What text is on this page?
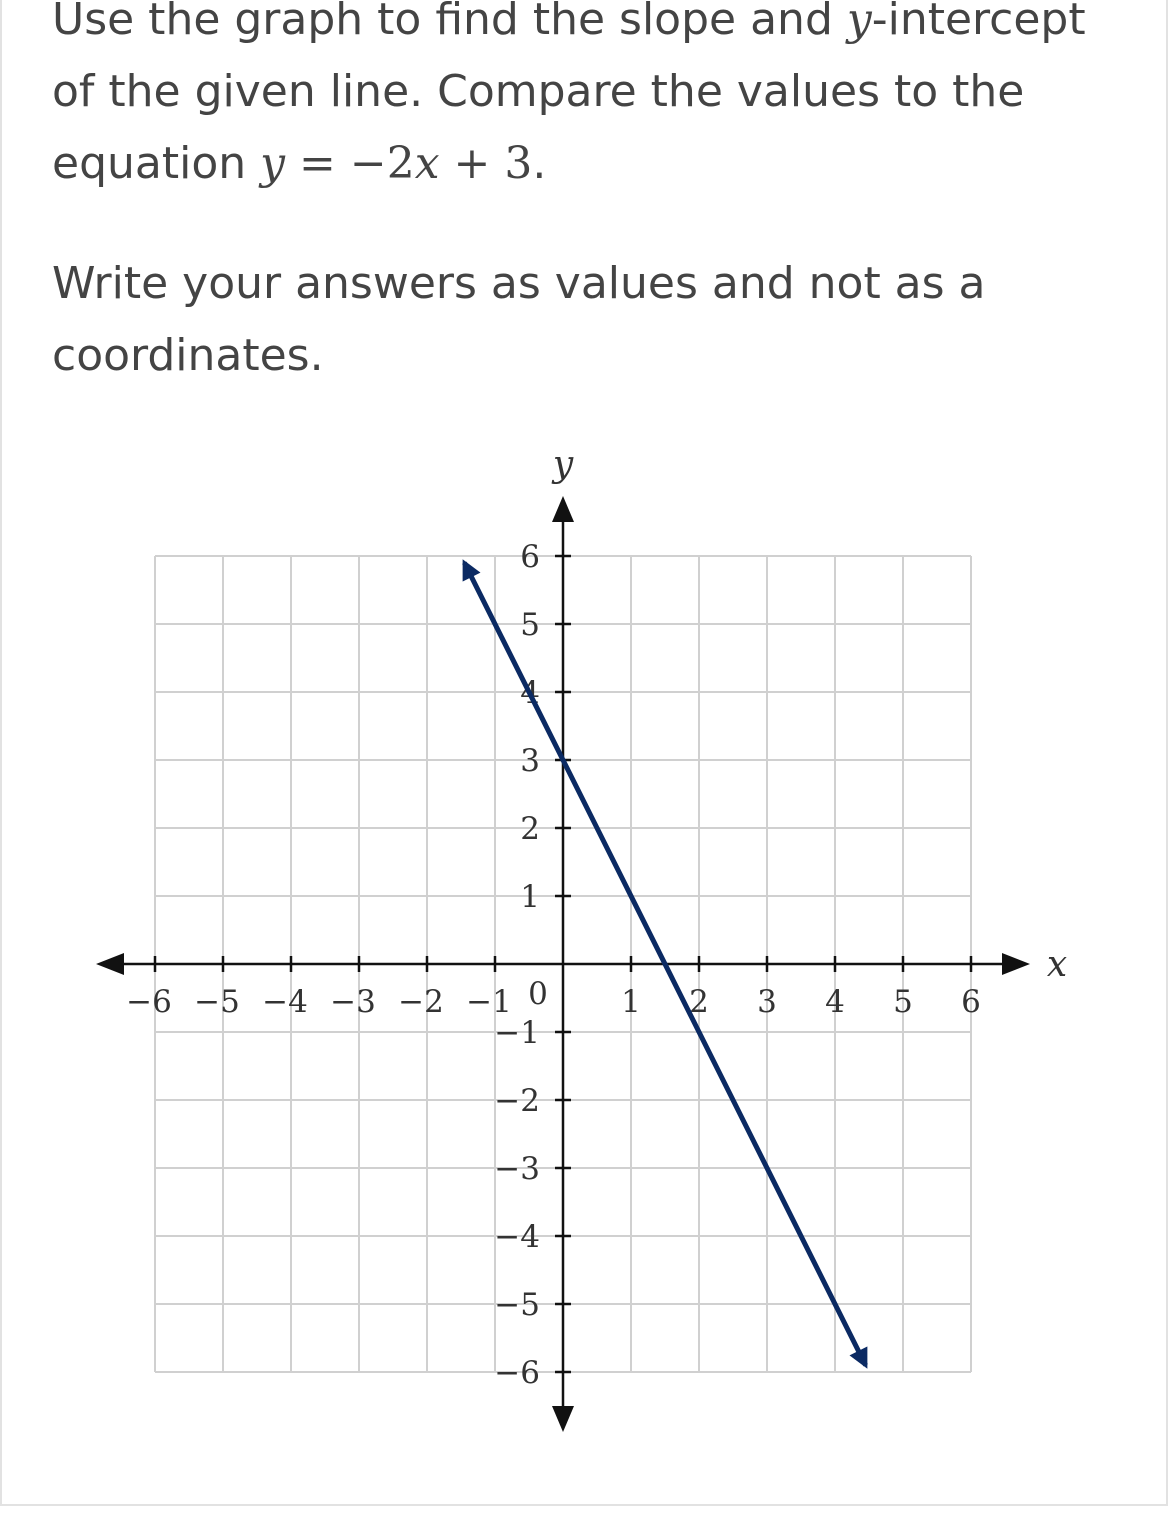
Use the graph to find the slope and y-intercept of the given line. Compare the values to the equation y = −2x + 3.

Write your answers as values and not as a coordinates.

−6 −5 −4 −3 −2 −1	1 2 3 4 5 6
6
5
4
3
2
1
−1
−2
−3
−4
−5
−6
0
x
y
